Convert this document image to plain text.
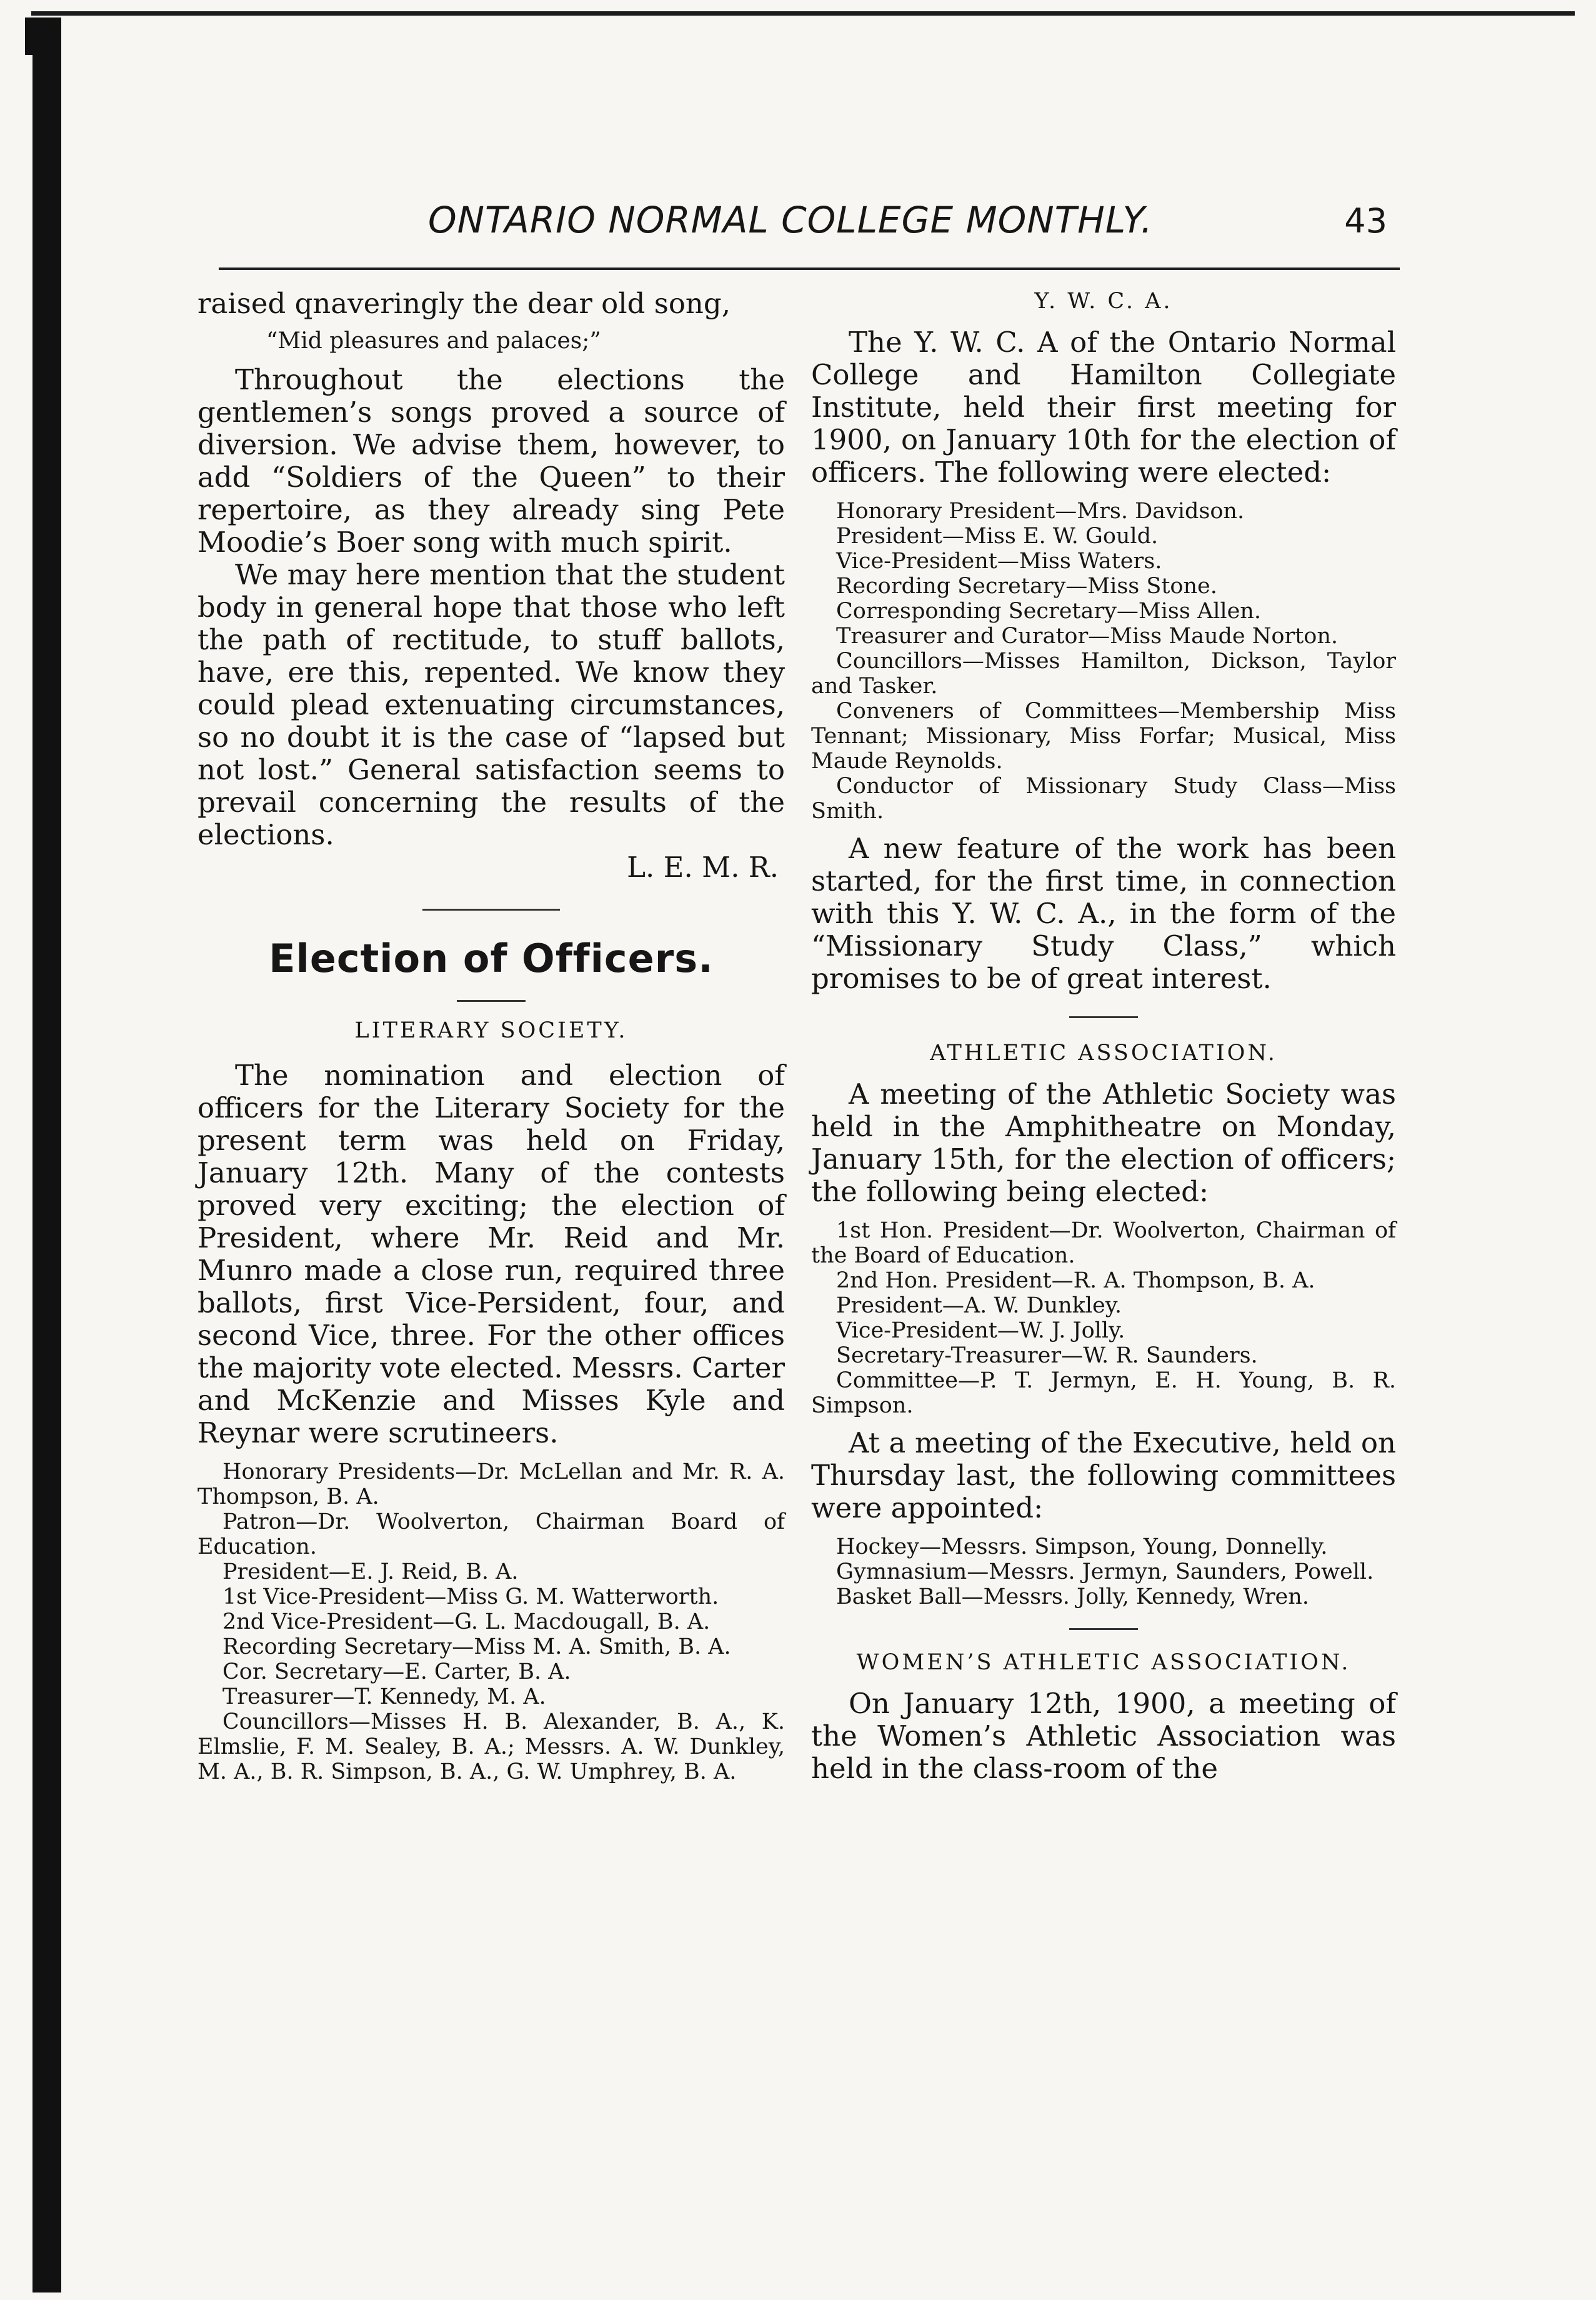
ONTARIO NORMAL COLLEGE MONTHLY.	43

raised qnaveringly the dear old song,

“Mid pleasures and palaces;”

Throughout the elections the gentlemen’s songs proved a source of diversion. We advise them, however, to add “Soldiers of the Queen” to their repertoire, as they already sing Pete Moodie’s Boer song with much spirit.

We may here mention that the student body in general hope that those who left the path of rectitude, to stuff ballots, have, ere this, repented. We know they could plead extenuating circumstances, so no doubt it is the case of “lapsed but not lost.” General satisfaction seems to prevail concerning the results of the elections.

L. E. M. R.

Election of Officers.

LITERARY SOCIETY.

The nomination and election of officers for the Literary Society for the present term was held on Friday, January 12th. Many of the contests proved very exciting; the election of President, where Mr. Reid and Mr. Munro made a close run, required three ballots, first Vice-Persident, four, and second Vice, three. For the other offices the majority vote elected. Messrs. Carter and McKenzie and Misses Kyle and Reynar were scrutineers.

Honorary Presidents—Dr. McLellan and Mr. R. A. Thompson, B. A.
Patron—Dr. Woolverton, Chairman Board of Education.
President—E. J. Reid, B. A.
1st Vice-President—Miss G. M. Watterworth.
2nd Vice-President—G. L. Macdougall, B. A.
Recording Secretary—Miss M. A. Smith, B. A.
Cor. Secretary—E. Carter, B. A.
Treasurer—T. Kennedy, M. A.
Councillors—Misses H. B. Alexander, B. A., K. Elmslie, F. M. Sealey, B. A.; Messrs. A. W. Dunkley, M. A., B. R. Simpson, B. A., G. W. Umphrey, B. A.

Y. W. C. A.

The Y. W. C. A of the Ontario Normal College and Hamilton Collegiate Institute, held their first meeting for 1900, on January 10th for the election of officers. The following were elected:

Honorary President—Mrs. Davidson.
President—Miss E. W. Gould.
Vice-President—Miss Waters.
Recording Secretary—Miss Stone.
Corresponding Secretary—Miss Allen.
Treasurer and Curator—Miss Maude Norton.
Councillors—Misses Hamilton, Dickson, Taylor and Tasker.
Conveners of Committees—Membership Miss Tennant; Missionary, Miss Forfar; Musical, Miss Maude Reynolds.
Conductor of Missionary Study Class—Miss Smith.

A new feature of the work has been started, for the first time, in connection with this Y. W. C. A., in the form of the “Missionary Study Class,” which promises to be of great interest.

ATHLETIC ASSOCIATION.

A meeting of the Athletic Society was held in the Amphitheatre on Monday, January 15th, for the election of officers; the following being elected:

1st Hon. President—Dr. Woolverton, Chairman of the Board of Education.
2nd Hon. President—R. A. Thompson, B. A.
President—A. W. Dunkley.
Vice-President—W. J. Jolly.
Secretary-Treasurer—W. R. Saunders.
Committee—P. T. Jermyn, E. H. Young, B. R. Simpson.

At a meeting of the Executive, held on Thursday last, the following committees were appointed:

Hockey—Messrs. Simpson, Young, Donnelly.
Gymnasium—Messrs. Jermyn, Saunders, Powell.
Basket Ball—Messrs. Jolly, Kennedy, Wren.

WOMEN’S ATHLETIC ASSOCIATION.

On January 12th, 1900, a meeting of the Women’s Athletic Association was held in the class-room of the
